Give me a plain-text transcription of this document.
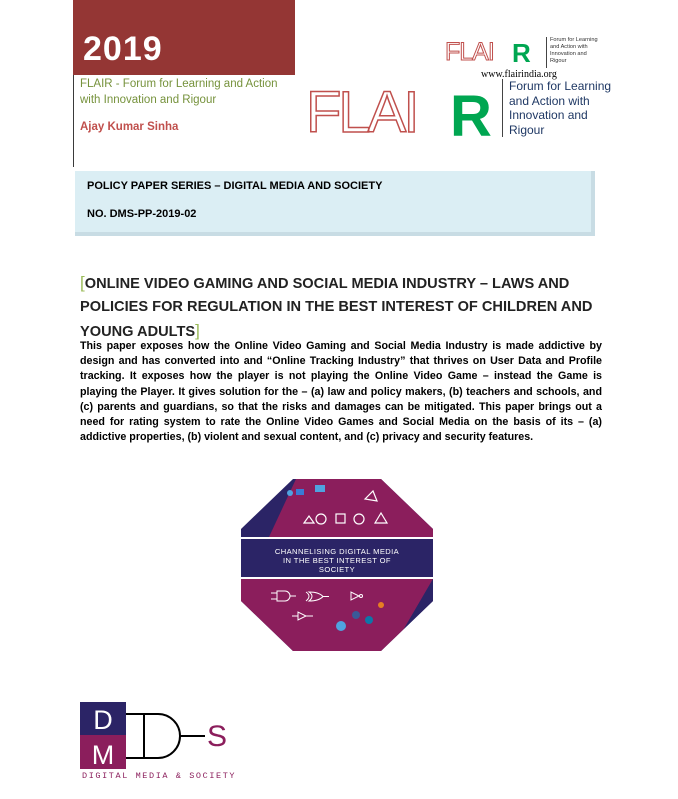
2019
FLAIR - Forum for Learning and Action
with Innovation and Rigour
Ajay Kumar Sinha
FLAI R	Forum for Learning
and Action with
Innovation and
Rigour
www.flairindia.org
FLAI R Forum for Learning
and Action with
Innovation and
Rigour
POLICY PAPER SERIES – DIGITAL MEDIA AND SOCIETY
NO. DMS-PP-2019-02
[ONLINE VIDEO GAMING AND SOCIAL MEDIA INDUSTRY – LAWS AND POLICIES FOR REGULATION IN THE BEST INTEREST OF CHILDREN AND YOUNG ADULTS]
This paper exposes how the Online Video Gaming and Social Media Industry is made addictive by design and has converted into and “Online Tracking Industry” that thrives on User Data and Profile tracking. It exposes how the player is not playing the Online Video Game – instead the Game is playing the Player. It gives solution for the – (a) law and policy makers, (b) teachers and schools, and (c) parents and guardians, so that the risks and damages can be mitigated. This paper brings out a need for rating system to rate the Online Video Games and Social Media on the basis of its – (a) addictive properties, (b) violent and sexual content, and (c) privacy and security features.
CHANNELISING DIGITAL MEDIA
IN THE BEST INTEREST OF
SOCIETY
D
M
S
DIGITAL MEDIA & SOCIETY
